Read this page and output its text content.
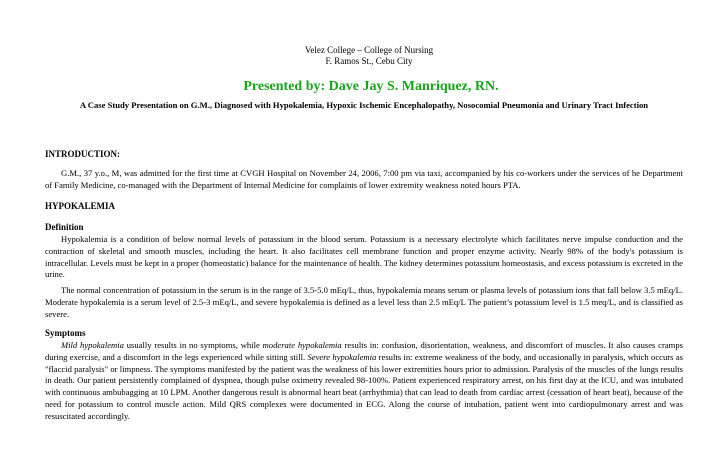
Velez College – College of Nursing
F. Ramos St., Cebu City
Presented by: Dave Jay S. Manriquez, RN.
A Case Study Presentation on G.M., Diagnosed with Hypokalemia, Hypoxic Ischemic Encephalopathy, Nosocomial Pneumonia and Urinary Tract Infection
INTRODUCTION:
G.M., 37 y.o., M, was admitted for the first time at CVGH Hospital on November 24, 2006, 7:00 pm via taxi, accompanied by his co-workers under the services of he Department of Family Medicine, co-managed with the Department of Internal Medicine for complaints of lower extremity weakness noted hours PTA.
HYPOKALEMIA
Definition
Hypokalemia is a condition of below normal levels of potassium in the blood serum. Potassium is a necessary electrolyte which facilitates nerve impulse conduction and the contraction of skeletal and smooth muscles, including the heart. It also facilitates cell membrane function and proper enzyme activity. Nearly 98% of the body's potassium is intracellular. Levels must be kept in a proper (homeostatic) balance for the maintenance of health. The kidney determines potassium homeostasis, and excess potassium is excreted in the urine.
The normal concentration of potassium in the serum is in the range of 3.5-5.0 mEq/L, thus, hypokalemia means serum or plasma levels of potassium ions that fall below 3.5 mEq/L. Moderate hypokalemia is a serum level of 2.5-3 mEq/L, and severe hypokalemia is defined as a level less than 2.5 mEq/L The patient’s potassium level is 1.5 meq/L, and is classified as severe.
Symptoms
Mild hypokalemia usually results in no symptoms, while moderate hypokalemia results in: confusion, disorientation, weakness, and discomfort of muscles. It also causes cramps during exercise, and a discomfort in the legs experienced while sitting still. Severe hypokalemia results in: extreme weakness of the body, and occasionally in paralysis, which occurs as "flaccid paralysis" or limpness. The symptoms manifested by the patient was the weakness of his lower extremities hours prior to admission. Paralysis of the muscles of the lungs results in death. Our patient persistently complained of dyspnea, though pulse oximetry revealed 98-100%. Patient experienced respiratory arrest, on his first day at the ICU, and was intubated with continuous ambubagging at 10 LPM. Another dangerous result is abnormal heart beat (arrhythmia) that can lead to death from cardiac arrest (cessation of heart beat), because of the need for potassium to control muscle action. Mild QRS complexes were documented in ECG. Along the course of intubation, patient went into cardiopulmonary arrest and was resuscitated accordingly.
